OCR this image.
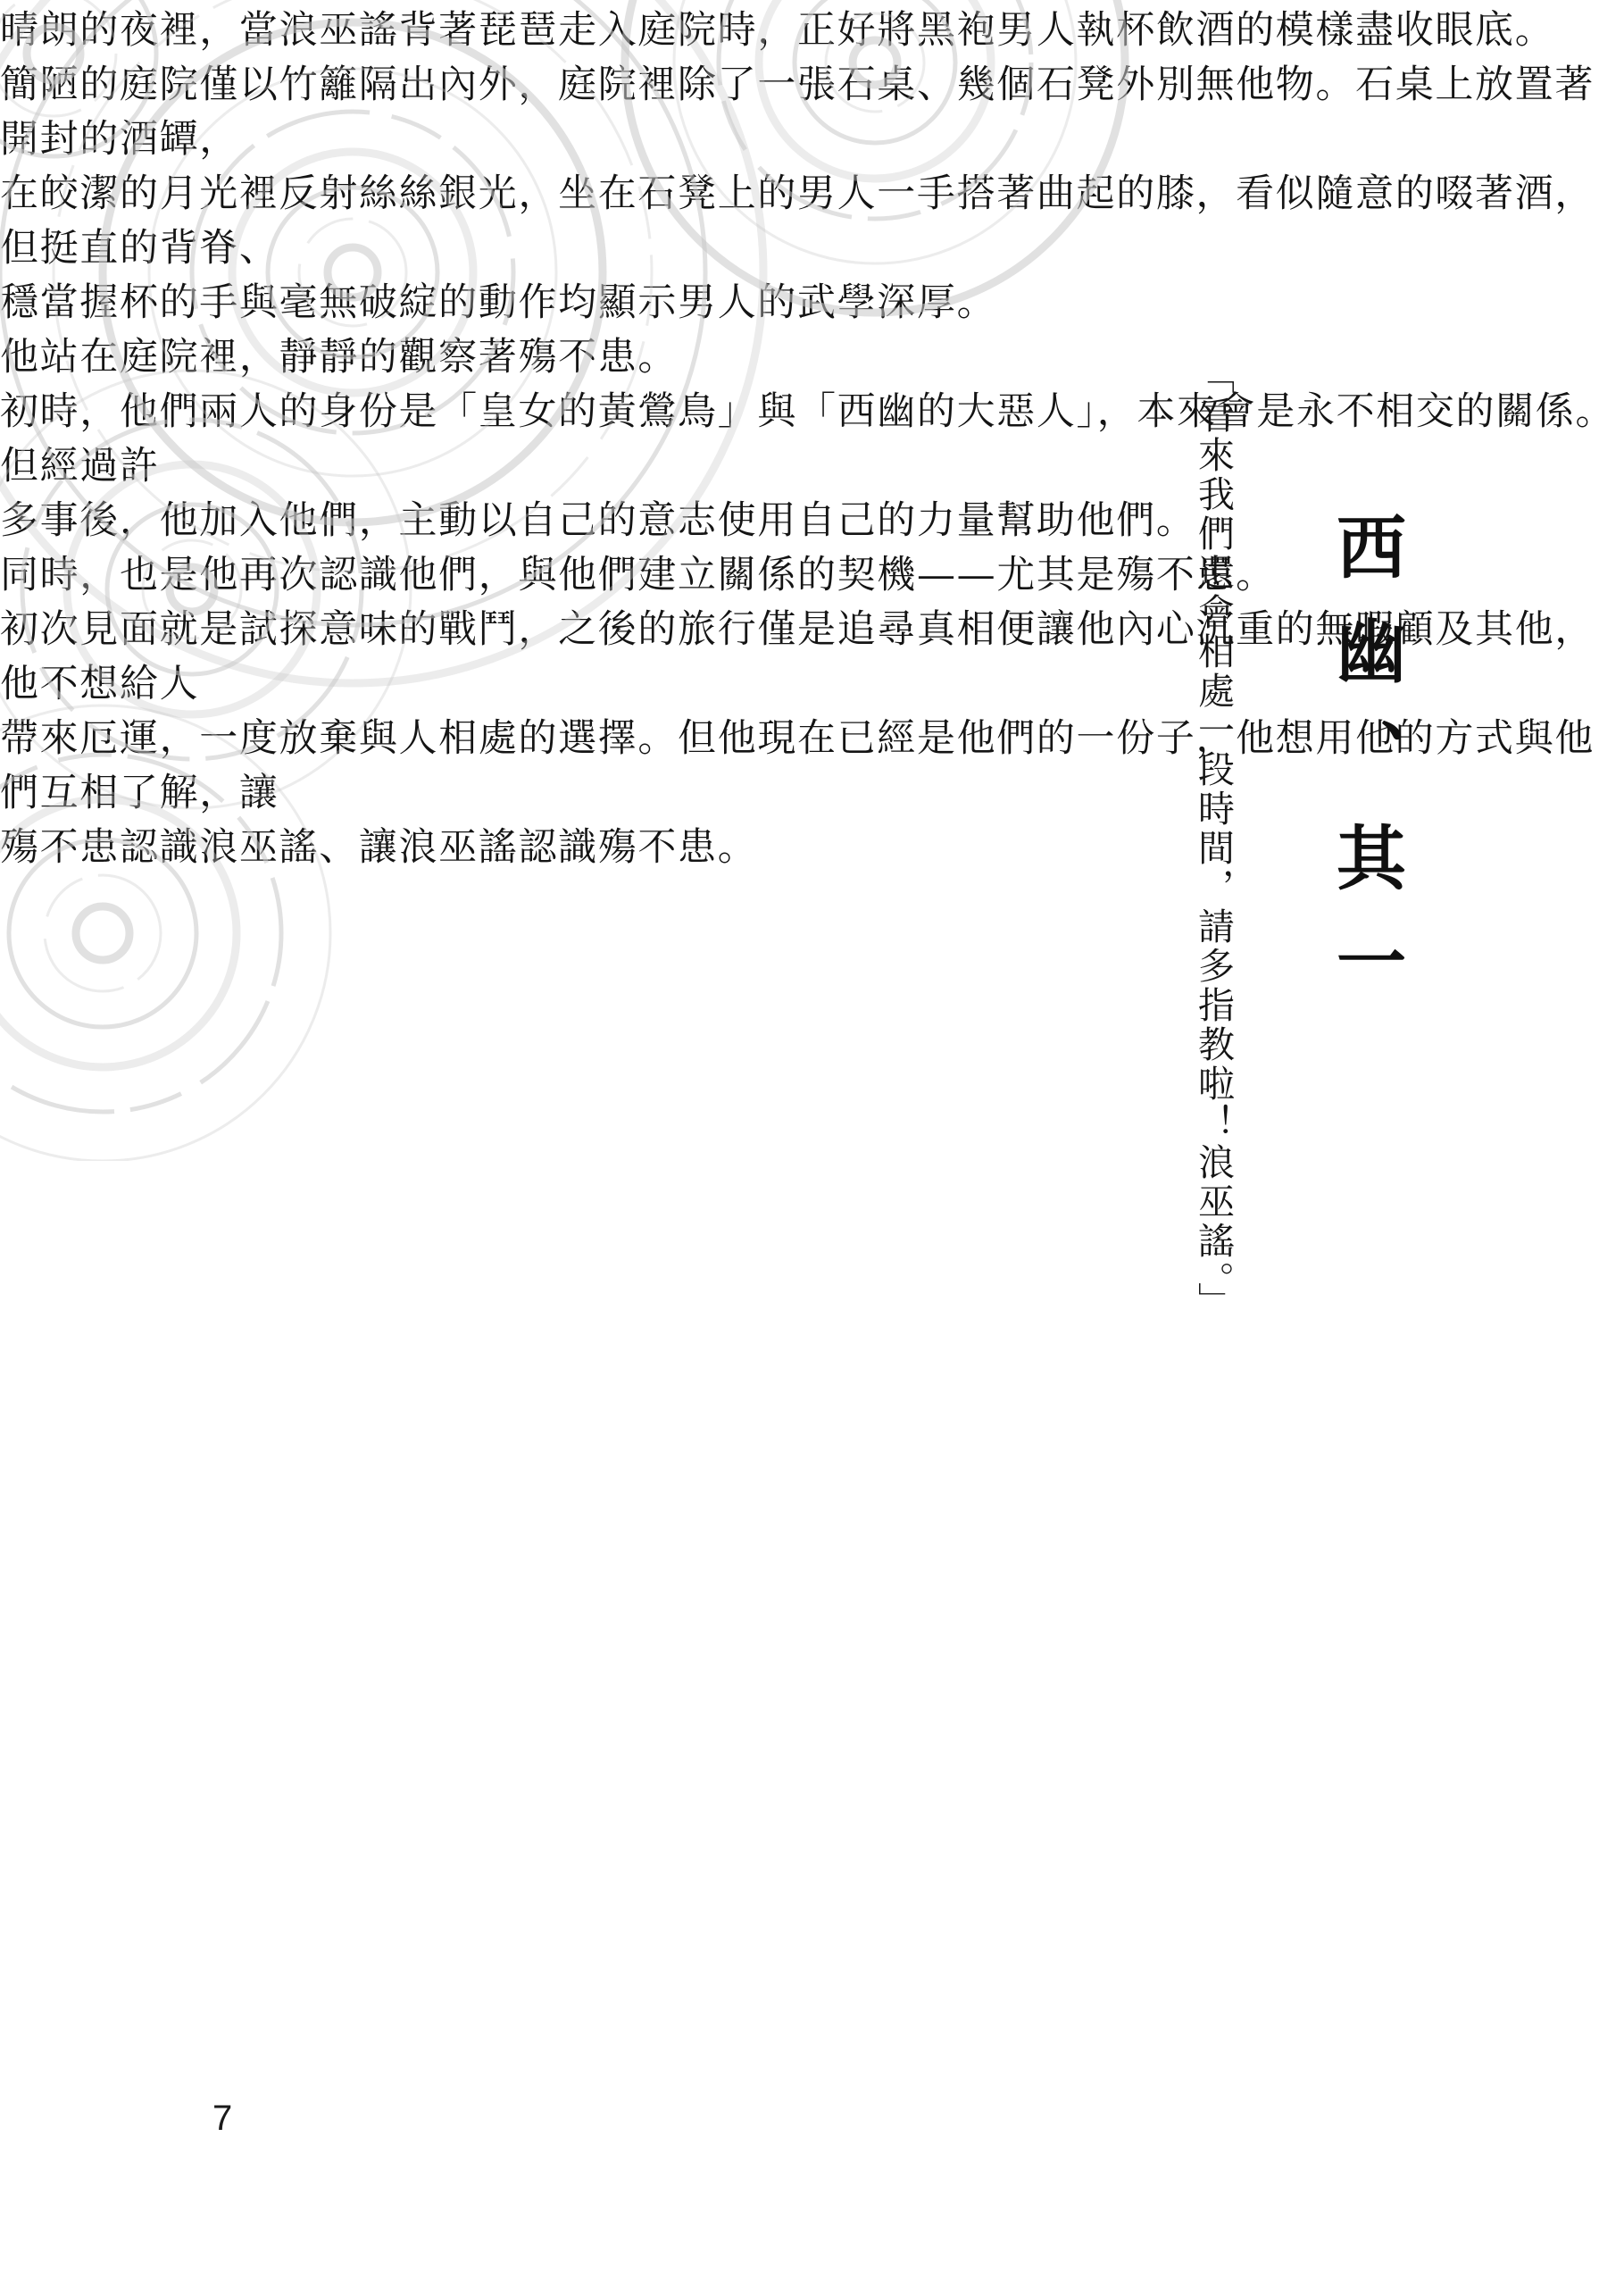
西幽、其一
「看來我們還會相處一段時間，請多指教啦！浪巫謠。」
晴朗的夜裡，當浪巫謠背著琵琶走入庭院時，正好將黑袍男人執杯飲酒的模樣盡收眼底。
簡陋的庭院僅以竹籬隔出內外，庭院裡除了一張石桌、幾個石凳外別無他物。石桌上放置著開封的酒罈，
在皎潔的月光裡反射絲絲銀光，坐在石凳上的男人一手搭著曲起的膝，看似隨意的啜著酒，但挺直的背脊、
穩當握杯的手與毫無破綻的動作均顯示男人的武學深厚。
他站在庭院裡，靜靜的觀察著殤不患。
初時，他們兩人的身份是「皇女的黃鶯鳥」與「西幽的大惡人」，本來會是永不相交的關係。但經過許
多事後，他加入他們，主動以自己的意志使用自己的力量幫助他們。
同時，也是他再次認識他們，與他們建立關係的契機——尤其是殤不患。
初次見面就是試探意味的戰鬥，之後的旅行僅是追尋真相便讓他內心沉重的無暇顧及其他，他不想給人
帶來厄運，一度放棄與人相處的選擇。但他現在已經是他們的一份子，他想用他的方式與他們互相了解，讓
殤不患認識浪巫謠、讓浪巫謠認識殤不患。
7
